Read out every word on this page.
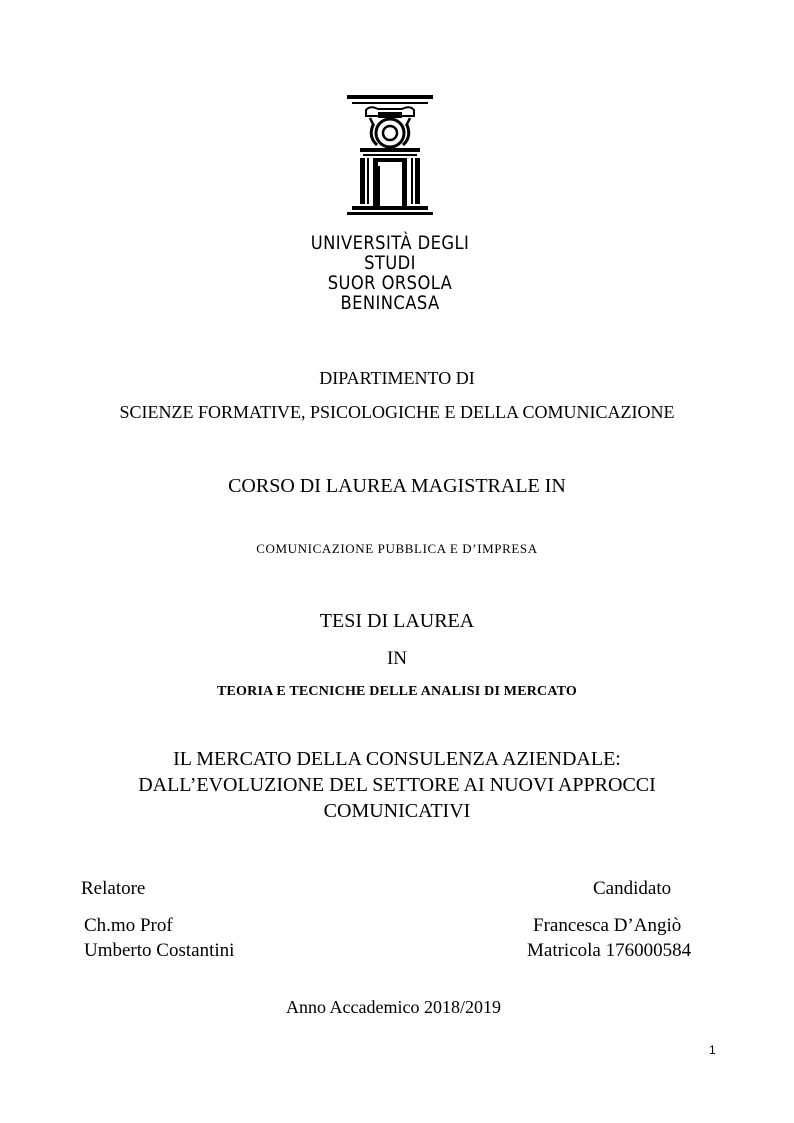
UNIVERSITÀ DEGLI STUDI
SUOR ORSOLA
BENINCASA
DIPARTIMENTO DI
SCIENZE FORMATIVE, PSICOLOGICHE E DELLA COMUNICAZIONE
CORSO DI LAUREA MAGISTRALE IN
COMUNICAZIONE PUBBLICA E D’IMPRESA
TESI DI LAUREA
IN
TEORIA E TECNICHE DELLE ANALISI DI MERCATO
IL MERCATO DELLA CONSULENZA AZIENDALE:
DALL’EVOLUZIONE DEL SETTORE AI NUOVI APPROCCI
COMUNICATIVI
Relatore
Ch.mo Prof
Umberto Costantini
Candidato
Francesca D’Angiò
Matricola 176000584
Anno Accademico 2018/2019
1
